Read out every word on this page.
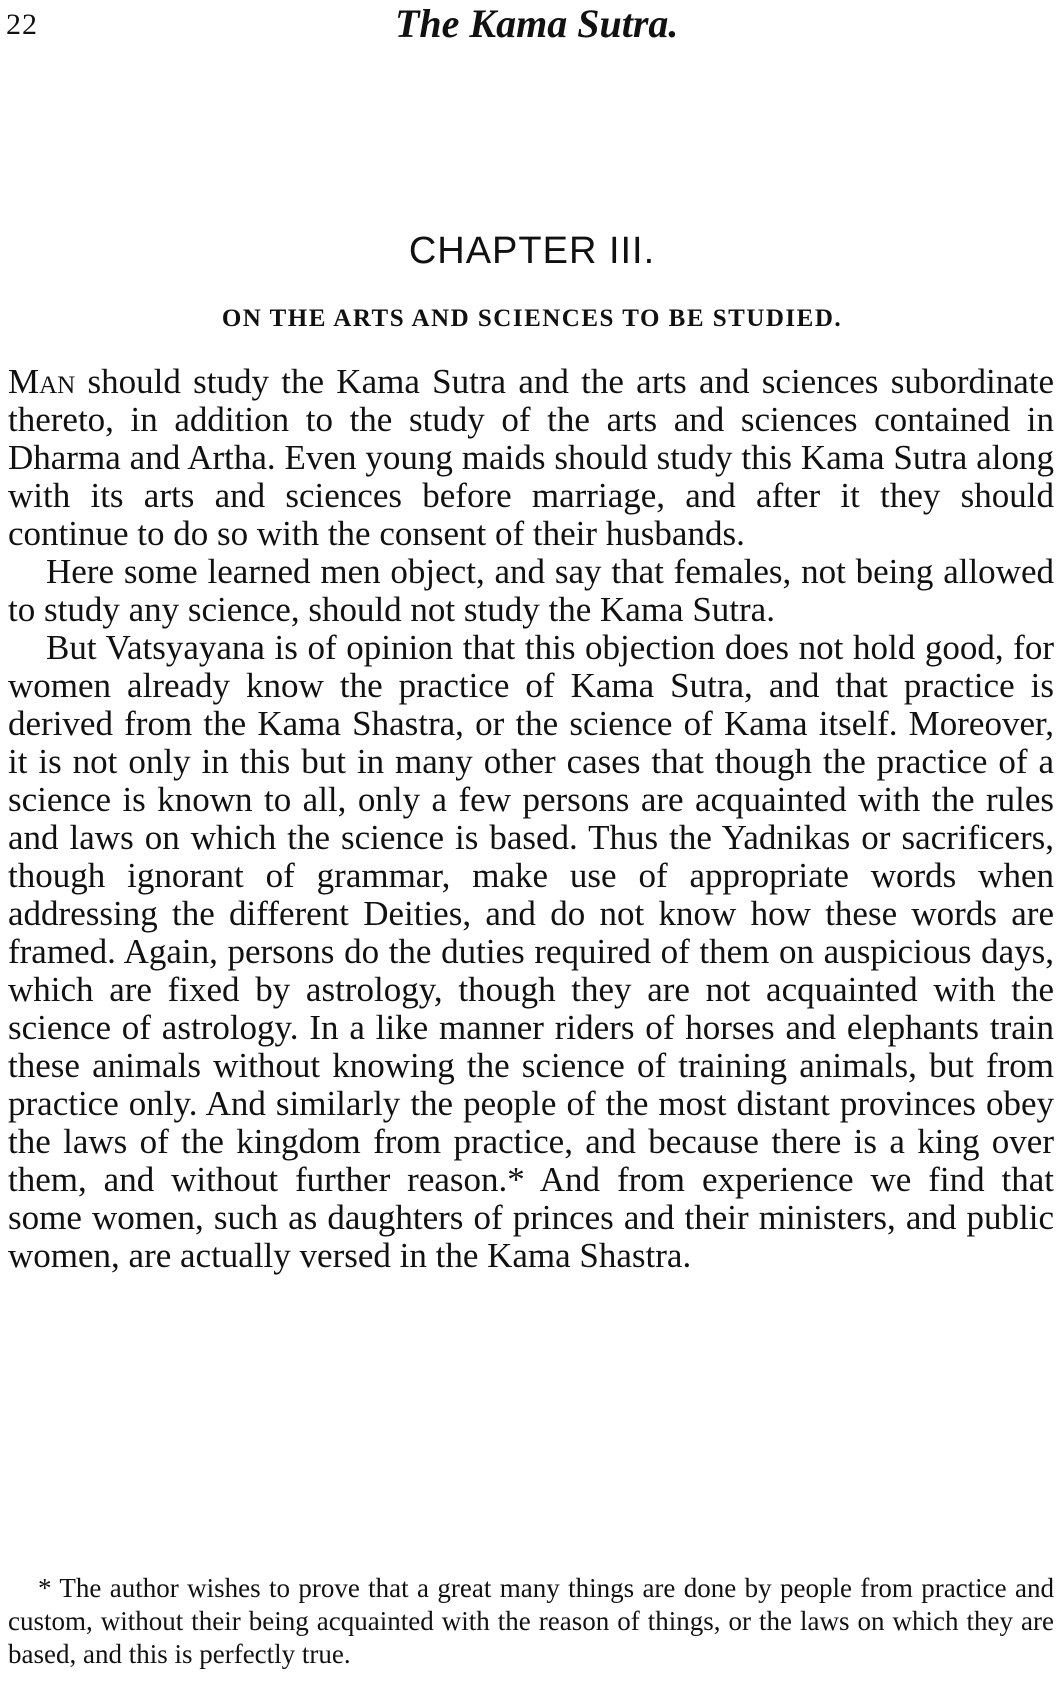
22	The Kama Sutra.
CHAPTER III.
ON THE ARTS AND SCIENCES TO BE STUDIED.

Man should study the Kama Sutra and the arts and sciences subordinate thereto, in addition to the study of the arts and sciences contained in Dharma and Artha. Even young maids should study this Kama Sutra along with its arts and sciences before marriage, and after it they should continue to do so with the consent of their husbands.

Here some learned men object, and say that females, not being allowed to study any science, should not study the Kama Sutra.

But Vatsyayana is of opinion that this objection does not hold good, for women already know the practice of Kama Sutra, and that practice is derived from the Kama Shastra, or the science of Kama itself. Moreover, it is not only in this but in many other cases that though the practice of a science is known to all, only a few persons are acquainted with the rules and laws on which the science is based. Thus the Yadnikas or sacrificers, though ignorant of grammar, make use of appropriate words when addressing the different Deities, and do not know how these words are framed. Again, persons do the duties required of them on auspicious days, which are fixed by astrology, though they are not acquainted with the science of astrology. In a like manner riders of horses and elephants train these animals without knowing the science of training animals, but from practice only. And similarly the people of the most distant provinces obey the laws of the kingdom from practice, and because there is a king over them, and without further reason.* And from experience we find that some women, such as daughters of princes and their ministers, and public women, are actually versed in the Kama Shastra.

* The author wishes to prove that a great many things are done by people from practice and custom, without their being acquainted with the reason of things, or the laws on which they are based, and this is perfectly true.
